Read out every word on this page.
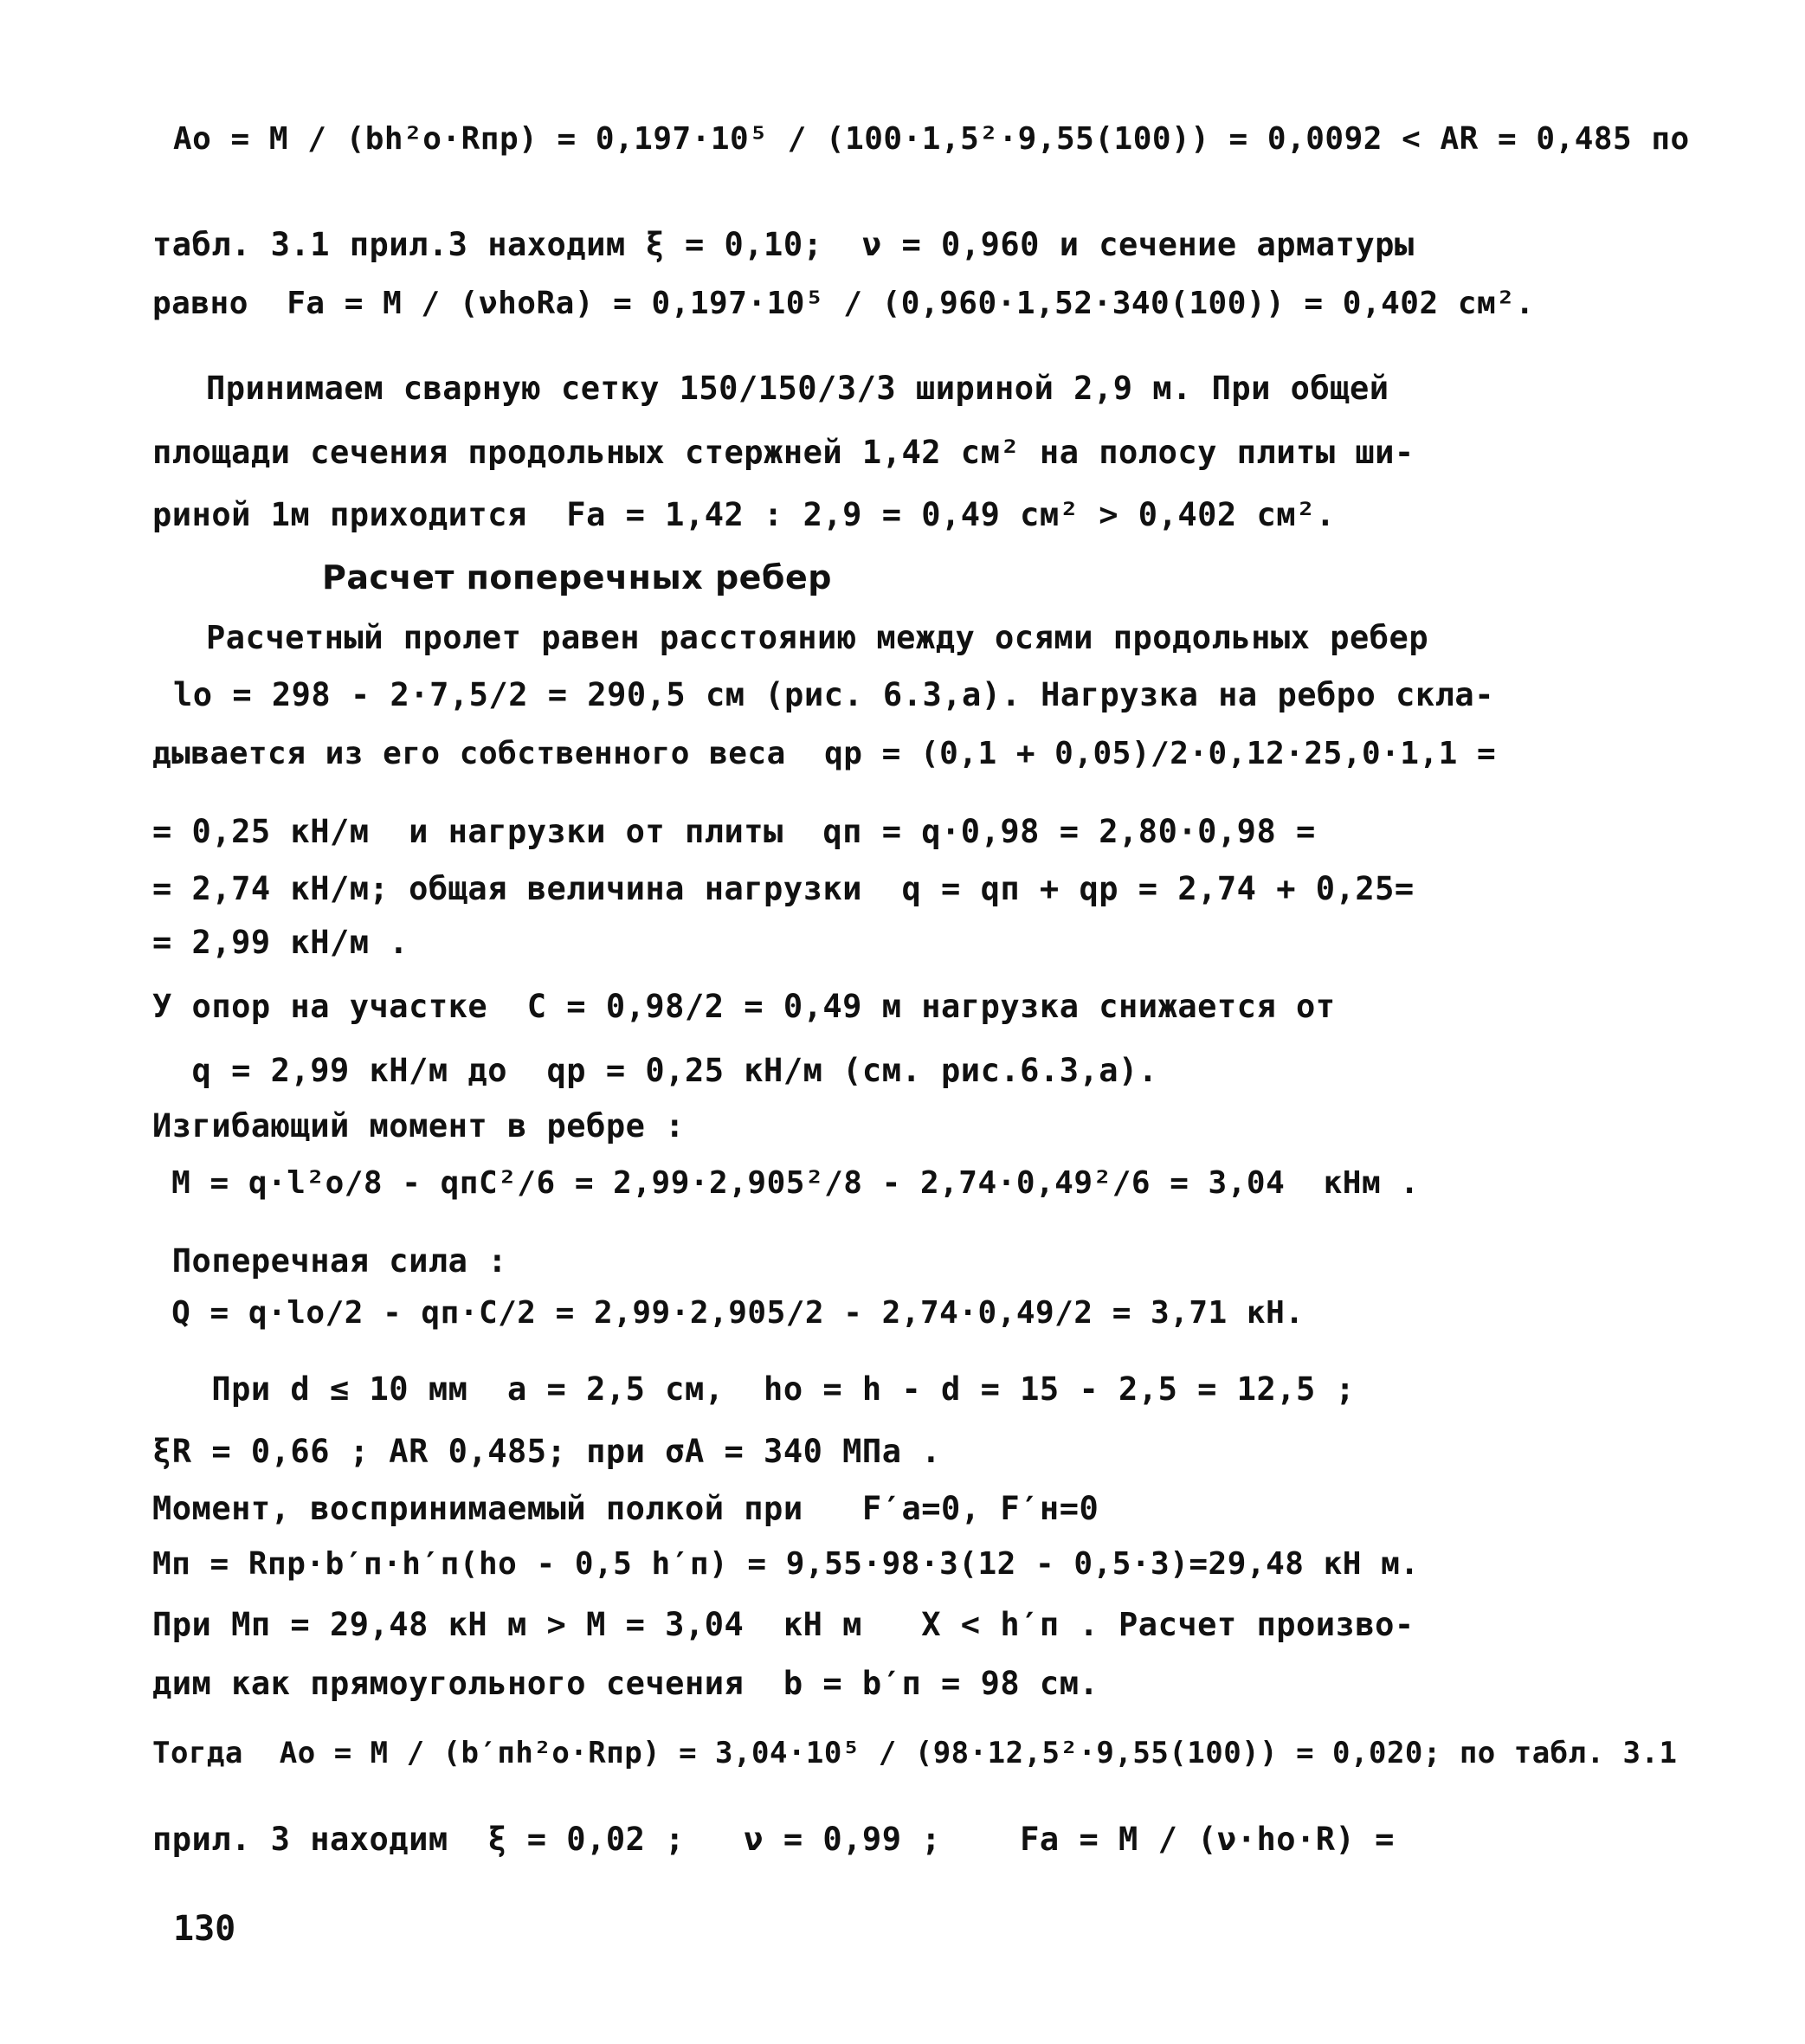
Aо = M / (bh²о·Rпр) = 0,197·10⁵ / (100·1,5²·9,55(100)) = 0,0092 < AR = 0,485 по
табл. 3.1 прил.3 находим ξ = 0,10;  ν = 0,960 и сечение арматуры
равно  Fa = M / (νhоRa) = 0,197·10⁵ / (0,960·1,52·340(100)) = 0,402 см².
Принимаем сварную сетку 150/150/3/3 шириной 2,9 м. При общей
площади сечения продольных стержней 1,42 см² на полосу плиты ши-
риной 1м приходится  Fa = 1,42 : 2,9 = 0,49 см² > 0,402 см².
Расчет поперечных ребер
Расчетный пролет равен расстоянию между осями продольных ребер
lо = 298 - 2·7,5/2 = 290,5 см (рис. 6.3,а). Нагрузка на ребро скла-
дывается из его собственного веса  qp = (0,1 + 0,05)/2·0,12·25,0·1,1 =
= 0,25 кН/м  и нагрузки от плиты  qп = q·0,98 = 2,80·0,98 =
= 2,74 кН/м; общая величина нагрузки  q = qп + qp = 2,74 + 0,25=
= 2,99 кН/м .
У опор на участке  C = 0,98/2 = 0,49 м нагрузка снижается от
q = 2,99 кН/м до  qp = 0,25 кН/м (см. рис.6.3,а).
Изгибающий момент в ребре :
M = q·l²о/8 - qпC²/6 = 2,99·2,905²/8 - 2,74·0,49²/6 = 3,04  кНм .
Поперечная сила :
Q = q·lо/2 - qп·C/2 = 2,99·2,905/2 - 2,74·0,49/2 = 3,71 кН.
При d ≤ 10 мм  a = 2,5 см,  hо = h - d = 15 - 2,5 = 12,5 ;
ξR = 0,66 ; AR 0,485; при σA = 340 МПа .
Момент, воспринимаемый полкой при   F′a=0, F′н=0
Mп = Rпр·b′п·h′п(hо - 0,5 h′п) = 9,55·98·3(12 - 0,5·3)=29,48 кН м.
При Mп = 29,48 кН м > M = 3,04  кН м   X < h′п . Расчет произво-
дим как прямоугольного сечения  b = b′п = 98 см.
Тогда  Aо = M / (b′пh²о·Rпр) = 3,04·10⁵ / (98·12,5²·9,55(100)) = 0,020; по табл. 3.1
прил. 3 находим  ξ = 0,02 ;   ν = 0,99 ;    Fa = M / (ν·hо·R) =
130
